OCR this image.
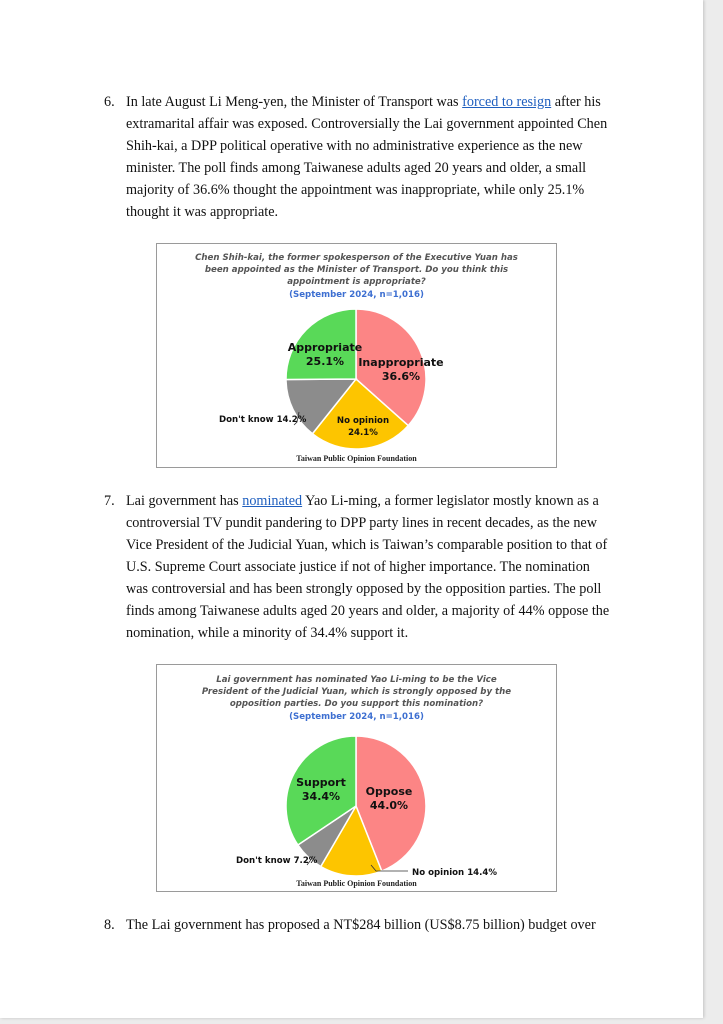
6. In late August Li Meng-yen, the Minister of Transport was forced to resign after his extramarital affair was exposed. Controversially the Lai government appointed Chen Shih-kai, a DPP political operative with no administrative experience as the new minister. The poll finds among Taiwanese adults aged 20 years and older, a small majority of 36.6% thought the appointment was inappropriate, while only 25.1% thought it was appropriate.
Chen Shih-kai, the former spokesperson of the Executive Yuan has
been appointed as the Minister of Transport. Do you think this
appointment is appropriate?
(September 2024, n=1,016)
Appropriate
25.1% Inappropriate
36.6%
No opinion
24.1%
Don't know 14.2%
Taiwan Public Opinion Foundation
7. Lai government has nominated Yao Li-ming, a former legislator mostly known as a controversial TV pundit pandering to DPP party lines in recent decades, as the new Vice President of the Judicial Yuan, which is Taiwan’s comparable position to that of U.S. Supreme Court associate justice if not of higher importance. The nomination was controversial and has been strongly opposed by the opposition parties. The poll finds among Taiwanese adults aged 20 years and older, a majority of 44% oppose the nomination, while a minority of 34.4% support it.
Lai government has nominated Yao Li-ming to be the Vice
President of the Judicial Yuan, which is strongly opposed by the
opposition parties. Do you support this nomination?
(September 2024, n=1,016)
Support
34.4% Oppose
44.0%
Don't know 7.2%
No opinion 14.4%
Taiwan Public Opinion Foundation
8. The Lai government has proposed a NT$284 billion (US$8.75 billion) budget over
